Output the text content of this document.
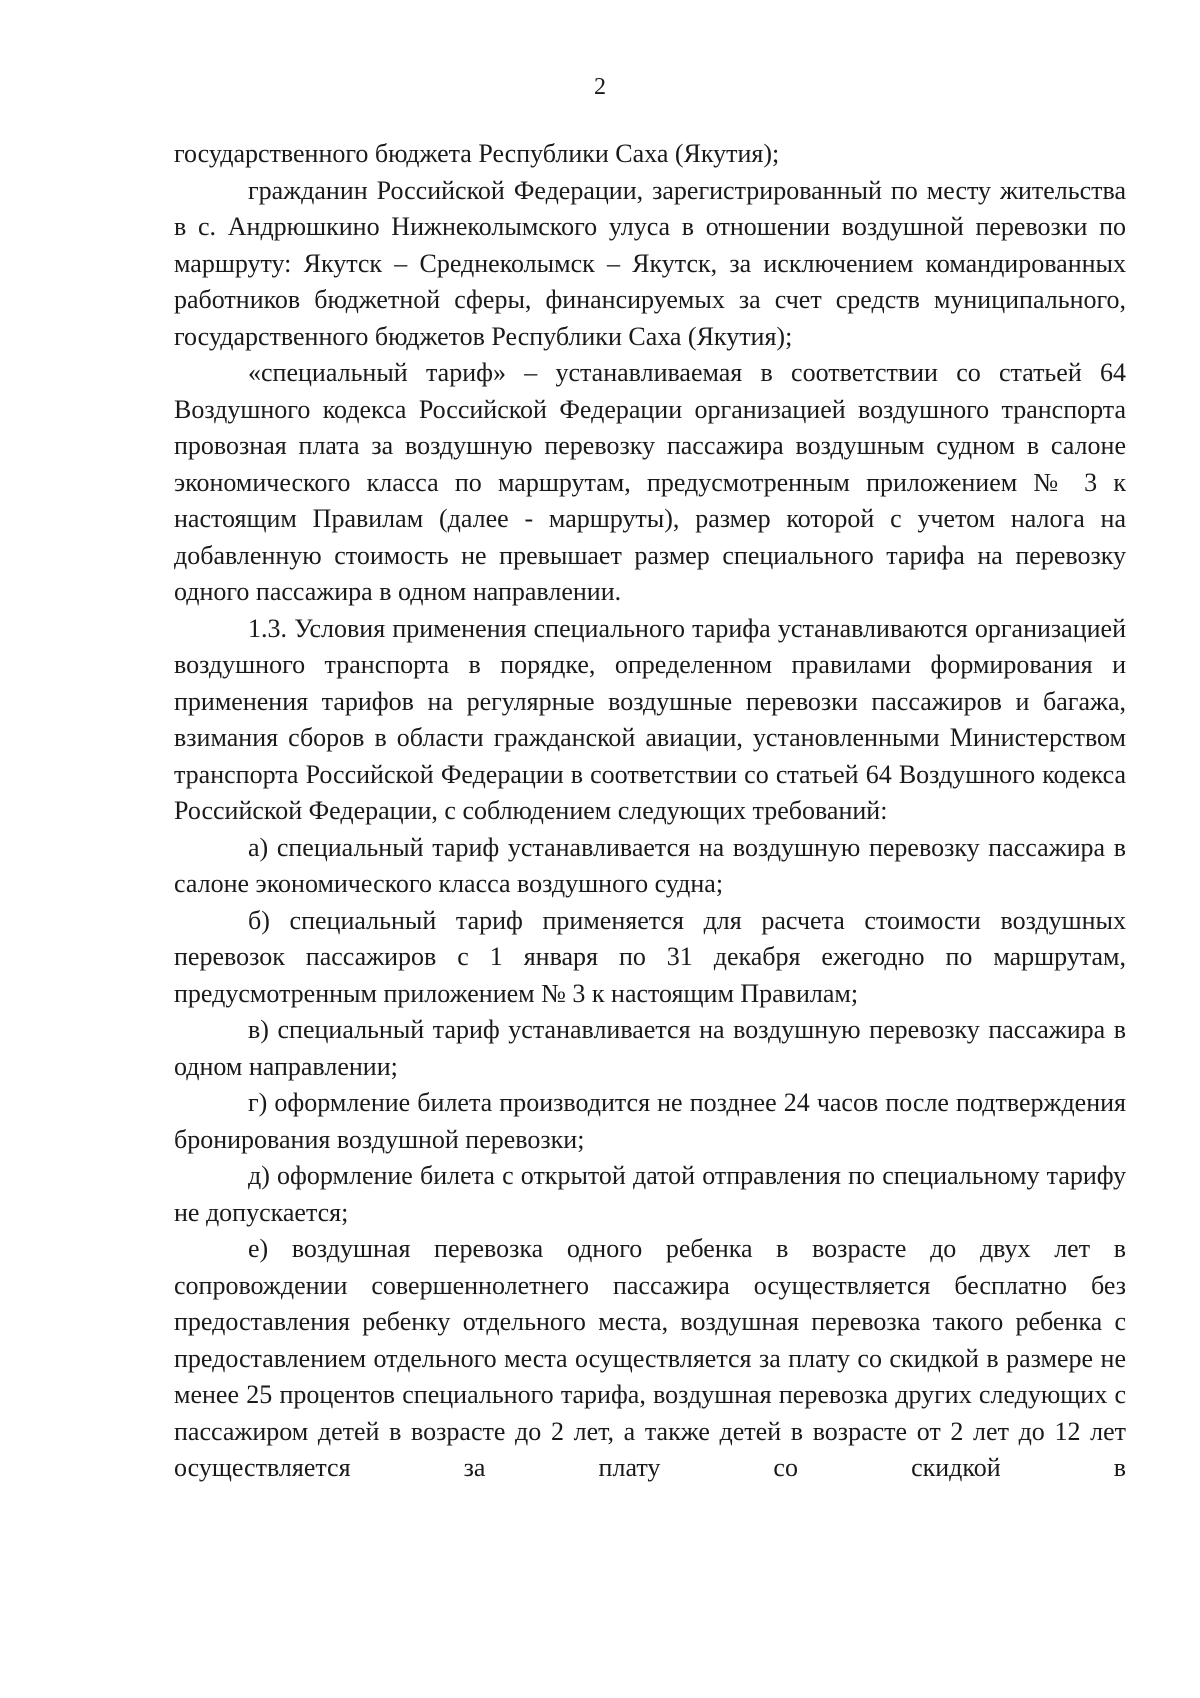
2

государственного бюджета Республики Саха (Якутия);

гражданин Российской Федерации, зарегистрированный по месту жительства в с. Андрюшкино Нижнеколымского улуса в отношении воздушной перевозки по маршруту: Якутск – Среднеколымск – Якутск, за исключением командированных работников бюджетной сферы, финансируемых за счет средств муниципального, государственного бюджетов Республики Саха (Якутия);

«специальный тариф» – устанавливаемая в соответствии со статьей 64 Воздушного кодекса Российской Федерации организацией воздушного транспорта провозная плата за воздушную перевозку пассажира воздушным судном в салоне экономического класса по маршрутам, предусмотренным приложением № 3 к настоящим Правилам (далее - маршруты), размер которой с учетом налога на добавленную стоимость не превышает размер специального тарифа на перевозку одного пассажира в одном направлении.

1.3. Условия применения специального тарифа устанавливаются организацией воздушного транспорта в порядке, определенном правилами формирования и применения тарифов на регулярные воздушные перевозки пассажиров и багажа, взимания сборов в области гражданской авиации, установленными Министерством транспорта Российской Федерации в соответствии со статьей 64 Воздушного кодекса Российской Федерации, с соблюдением следующих требований:

а) специальный тариф устанавливается на воздушную перевозку пассажира в салоне экономического класса воздушного судна;

б) специальный тариф применяется для расчета стоимости воздушных перевозок пассажиров с 1 января по 31 декабря ежегодно по маршрутам, предусмотренным приложением № 3 к настоящим Правилам;

в) специальный тариф устанавливается на воздушную перевозку пассажира в одном направлении;

г) оформление билета производится не позднее 24 часов после подтверждения бронирования воздушной перевозки;

д) оформление билета с открытой датой отправления по специальному тарифу не допускается;

е) воздушная перевозка одного ребенка в возрасте до двух лет в сопровождении совершеннолетнего пассажира осуществляется бесплатно без предоставления ребенку отдельного места, воздушная перевозка такого ребенка с предоставлением отдельного места осуществляется за плату со скидкой в размере не менее 25 процентов специального тарифа, воздушная перевозка других следующих с пассажиром детей в возрасте до 2 лет, а также детей в возрасте от 2 лет до 12 лет осуществляется за плату со скидкой в
